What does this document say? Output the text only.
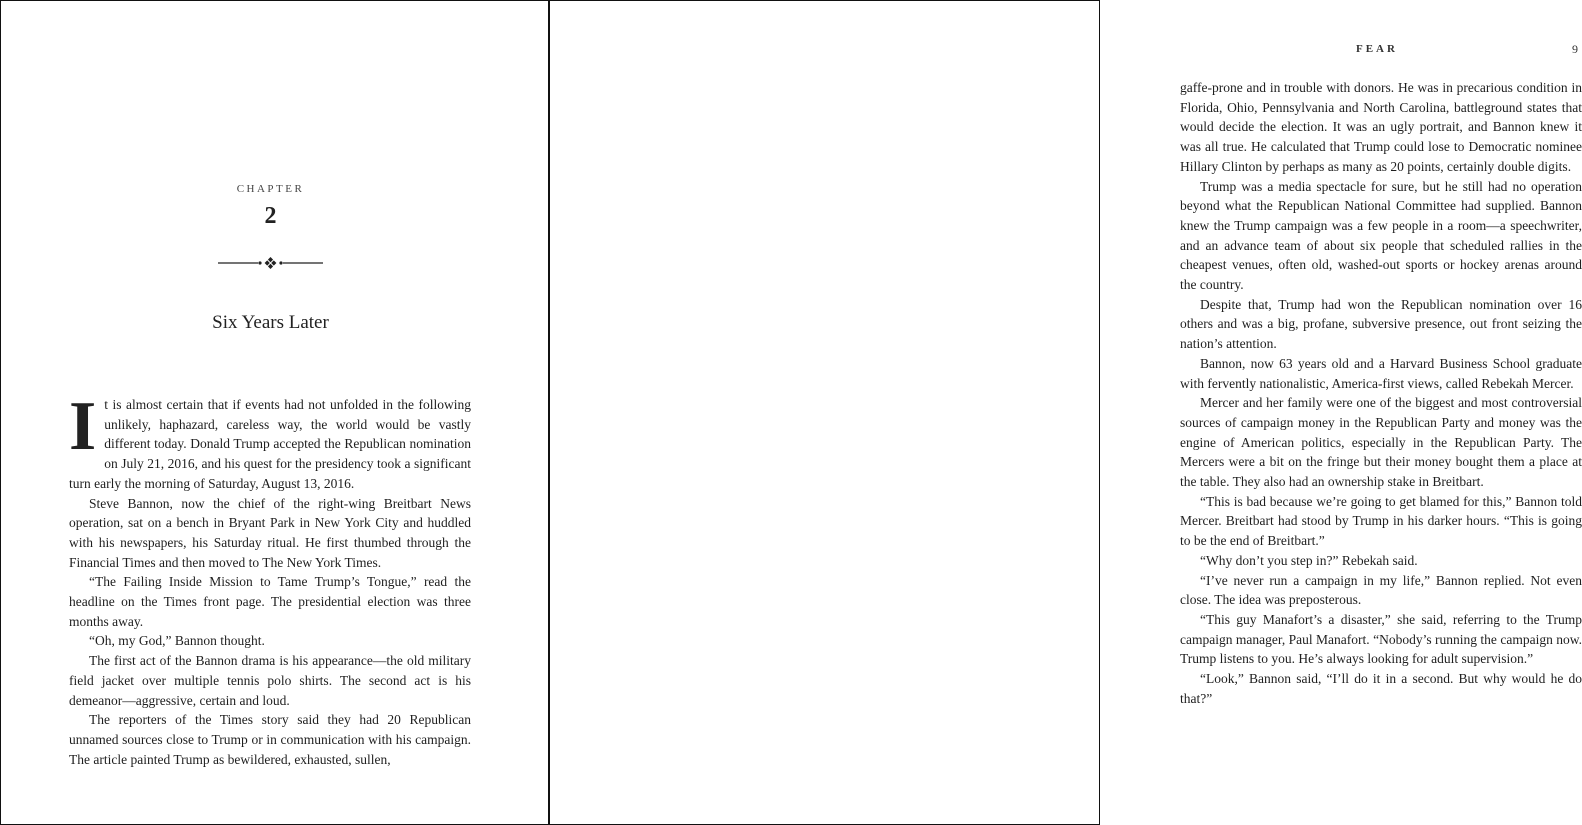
CHAPTER
2
Six Years Later

It is almost certain that if events had not unfolded in the following unlikely, haphazard, careless way, the world would be vastly different today. Donald Trump accepted the Republican nomination on July 21, 2016, and his quest for the presidency took a significant turn early the morning of Saturday, August 13, 2016.

Steve Bannon, now the chief of the right-wing Breitbart News operation, sat on a bench in Bryant Park in New York City and huddled with his newspapers, his Saturday ritual. He first thumbed through the Financial Times and then moved to The New York Times.

“The Failing Inside Mission to Tame Trump’s Tongue,” read the headline on the Times front page. The presidential election was three months away.

“Oh, my God,” Bannon thought.

The first act of the Bannon drama is his appearance—the old military field jacket over multiple tennis polo shirts. The second act is his demeanor—aggressive, certain and loud.

The reporters of the Times story said they had 20 Republican unnamed sources close to Trump or in communication with his campaign. The article painted Trump as bewildered, exhausted, sullen,

FEAR	9

gaffe-prone and in trouble with donors. He was in precarious condition in Florida, Ohio, Pennsylvania and North Carolina, battleground states that would decide the election. It was an ugly portrait, and Bannon knew it was all true. He calculated that Trump could lose to Democratic nominee Hillary Clinton by perhaps as many as 20 points, certainly double digits.

Trump was a media spectacle for sure, but he still had no operation beyond what the Republican National Committee had supplied. Bannon knew the Trump campaign was a few people in a room—a speechwriter, and an advance team of about six people that scheduled rallies in the cheapest venues, often old, washed-out sports or hockey arenas around the country.

Despite that, Trump had won the Republican nomination over 16 others and was a big, profane, subversive presence, out front seizing the nation’s attention.

Bannon, now 63 years old and a Harvard Business School graduate with fervently nationalistic, America-first views, called Rebekah Mercer.

Mercer and her family were one of the biggest and most controversial sources of campaign money in the Republican Party and money was the engine of American politics, especially in the Republican Party. The Mercers were a bit on the fringe but their money bought them a place at the table. They also had an ownership stake in Breitbart.

“This is bad because we’re going to get blamed for this,” Bannon told Mercer. Breitbart had stood by Trump in his darker hours. “This is going to be the end of Breitbart.”

“Why don’t you step in?” Rebekah said.

“I’ve never run a campaign in my life,” Bannon replied. Not even close. The idea was preposterous.

“This guy Manafort’s a disaster,” she said, referring to the Trump campaign manager, Paul Manafort. “Nobody’s running the campaign now. Trump listens to you. He’s always looking for adult supervision.”

“Look,” Bannon said, “I’ll do it in a second. But why would he do that?”
